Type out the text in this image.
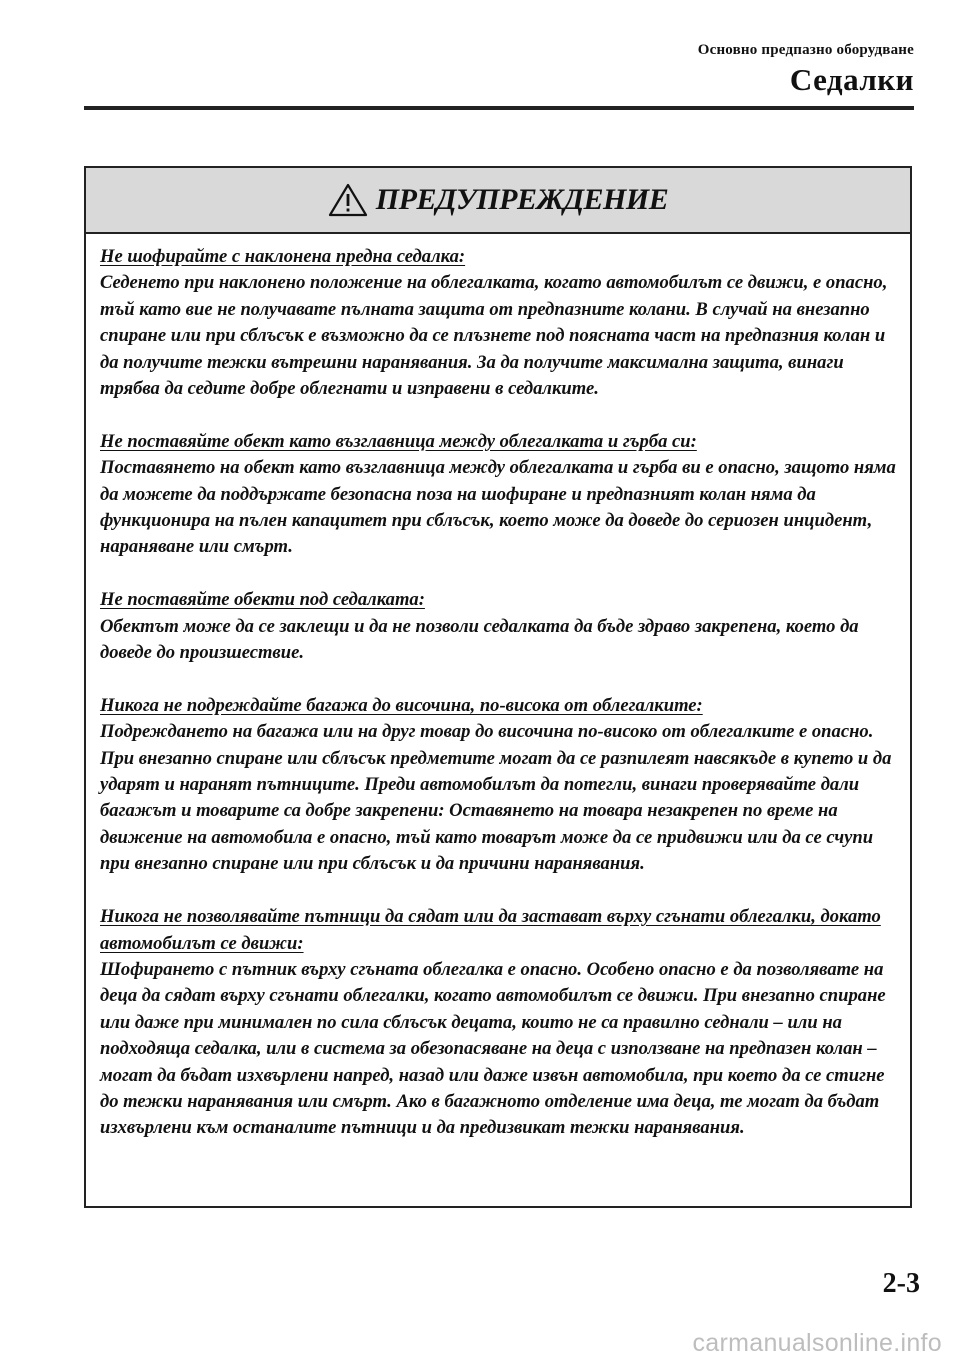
Основно предпазно оборудване
Седалки
ПРЕДУПРЕЖДЕНИЕ
Не шофирайте с наклонена предна седалка:
Седенето при наклонено положение на облегалката, когато автомобилът се движи, е опасно, тъй като вие не получавате пълната защита от предпазните колани. В случай на внезапно спиране или при сблъсък е възможно да се плъзнете под поясната част на предпазния колан и да получите тежки вътрешни наранявания. За да получите максимална защита, винаги трябва да седите добре облегнати и изправени в седалките.
Не поставяйте обект като възглавница между облегалката и гърба си:
Поставянето на обект като възглавница между облегалката и гърба ви е опасно, защото няма да можете да поддържате безопасна поза на шофиране и предпазният колан няма да функционира на пълен капацитет при сблъсък, което може да доведе до сериозен инцидент, нараняване или смърт.
Не поставяйте обекти под седалката:
Обектът може да се заклещи и да не позволи седалката да бъде здраво закрепена, което да доведе до произшествие.
Никога не подреждайте багажа до височина, по-висока от облегалките:
Подреждането на багажа или на друг товар до височина по-високо от облегалките е опасно. При внезапно спиране или сблъсък предметите могат да се разпилеят навсякъде в купето и да ударят и наранят пътниците. Преди автомобилът да потегли, винаги проверявайте дали багажът и товарите са добре закрепени: Оставянето на товара незакрепен по време на движение на автомобила е опасно, тъй като товарът може да се придвижи или да се счупи при внезапно спиране или при сблъсък и да причини наранявания.
Никога не позволявайте пътници да сядат или да застават върху сгънати облегалки, докато автомобилът се движи:
Шофирането с пътник върху сгъната облегалка е опасно. Особено опасно е да позволявате на деца да сядат върху сгънати облегалки, когато автомобилът се движи. При внезапно спиране или даже при минимален по сила сблъсък децата, които не са правилно седнали – или на подходяща седалка, или в система за обезопасяване на деца с използване на предпазен колан – могат да бъдат изхвърлени напред, назад или даже извън автомобила, при което да се стигне до тежки наранявания или смърт. Ако в багажното отделение има деца, те могат да бъдат изхвърлени към останалите пътници и да предизвикат тежки наранявания.
2-3
carmanualsonline.info
